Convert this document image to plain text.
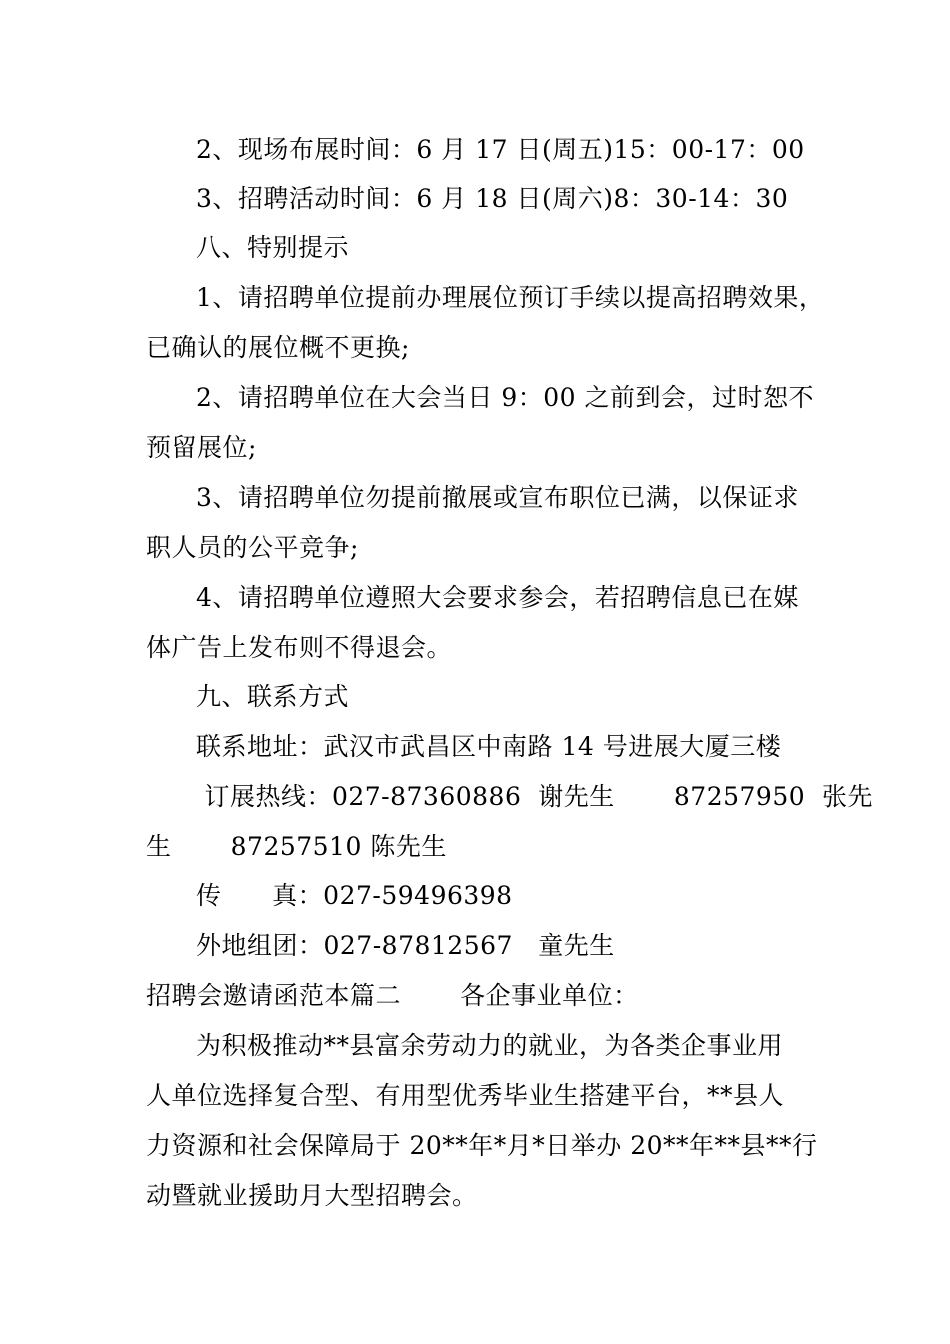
2、现场布展时间：6 月 17 日(周五)15：00-17：00
3、招聘活动时间：6 月 18 日(周六)8：30-14：30
八、特别提示
1、请招聘单位提前办理展位预订手续以提高招聘效果，
已确认的展位概不更换;
2、请招聘单位在大会当日 9：00 之前到会，过时恕不
预留展位;
3、请招聘单位勿提前撤展或宣布职位已满，以保证求
职人员的公平竞争;
4、请招聘单位遵照大会要求参会，若招聘信息已在媒
体广告上发布则不得退会。
九、联系方式
联系地址：武汉市武昌区中南路 14 号进展大厦三楼
订展热线：027-87360886  谢先生       87257950  张先
生       87257510 陈先生
传      真：027-59496398
外地组团：027-87812567   童先生
招聘会邀请函范本篇二       各企事业单位：
为积极推动**县富余劳动力的就业，为各类企事业用
人单位选择复合型、有用型优秀毕业生搭建平台，**县人
力资源和社会保障局于 20**年*月*日举办 20**年**县**行
动暨就业援助月大型招聘会。
